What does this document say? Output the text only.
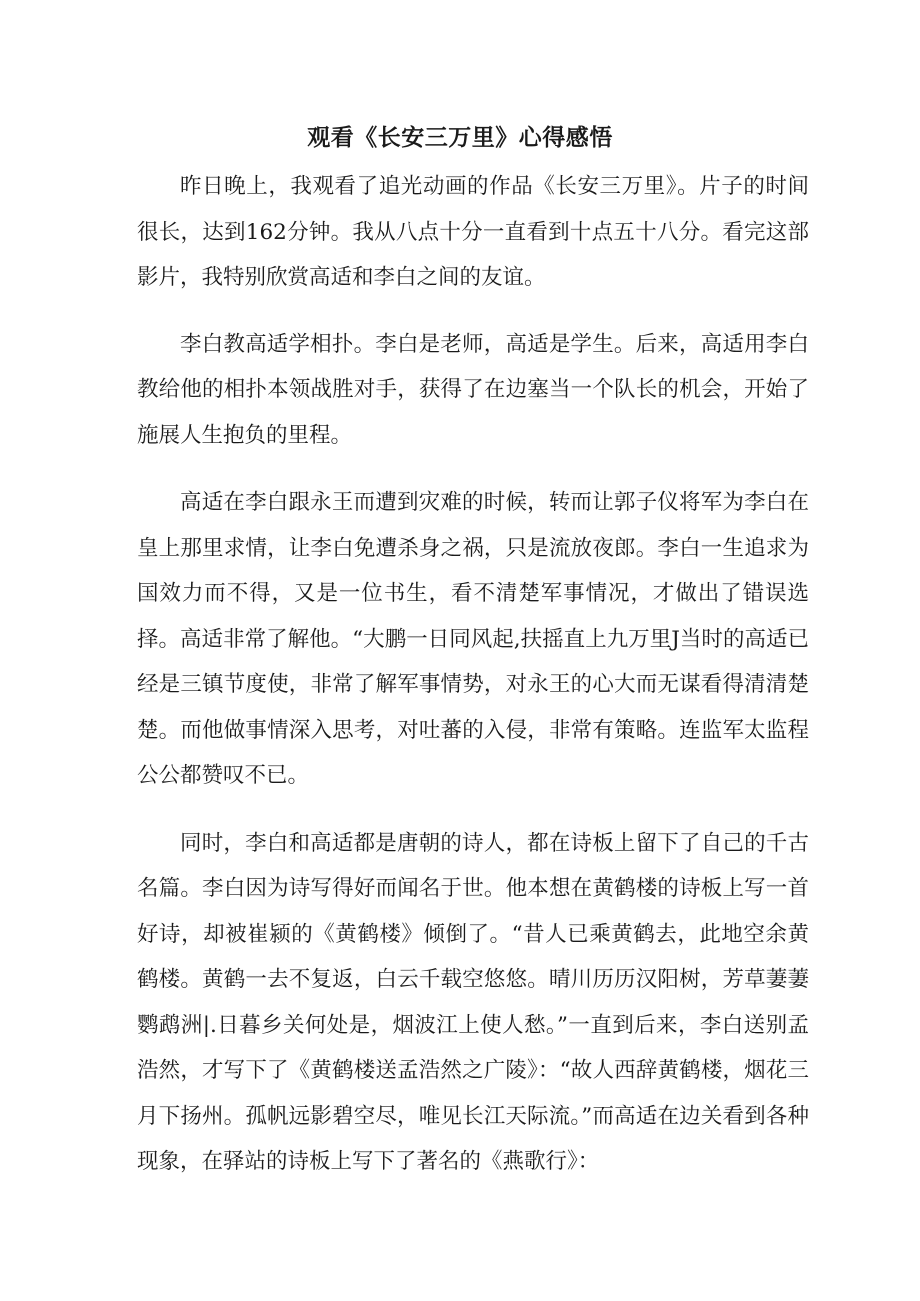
观看《长安三万里》心得感悟

昨日晚上，我观看了追光动画的作品《长安三万里》。片子的时间很长，达到162分钟。我从八点十分一直看到十点五十八分。看完这部影片，我特别欣赏高适和李白之间的友谊。

李白教高适学相扑。李白是老师，高适是学生。后来，高适用李白教给他的相扑本领战胜对手，获得了在边塞当一个队长的机会，开始了施展人生抱负的里程。

高适在李白跟永王而遭到灾难的时候，转而让郭子仪将军为李白在皇上那里求情，让李白免遭杀身之祸，只是流放夜郎。李白一生追求为国效力而不得，又是一位书生，看不清楚军事情况，才做出了错误选择。高适非常了解他。“大鹏一日同风起,扶摇直上九万里J当时的高适已经是三镇节度使，非常了解军事情势，对永王的心大而无谋看得清清楚楚。而他做事情深入思考，对吐蕃的入侵，非常有策略。连监军太监程公公都赞叹不已。

同时，李白和高适都是唐朝的诗人，都在诗板上留下了自己的千古名篇。李白因为诗写得好而闻名于世。他本想在黄鹤楼的诗板上写一首好诗，却被崔颍的《黄鹤楼》倾倒了。“昔人已乘黄鹤去，此地空余黄鹤楼。黄鹤一去不复返，白云千载空悠悠。晴川历历汉阳树，芳草萋萋鹦鹉洲|.日暮乡关何处是，烟波江上使人愁。”一直到后来，李白送别孟浩然，才写下了《黄鹤楼送孟浩然之广陵》：“故人西辞黄鹤楼，烟花三月下扬州。孤帆远影碧空尽，唯见长江天际流。”而高适在边关看到各种现象，在驿站的诗板上写下了著名的《燕歌行》：
